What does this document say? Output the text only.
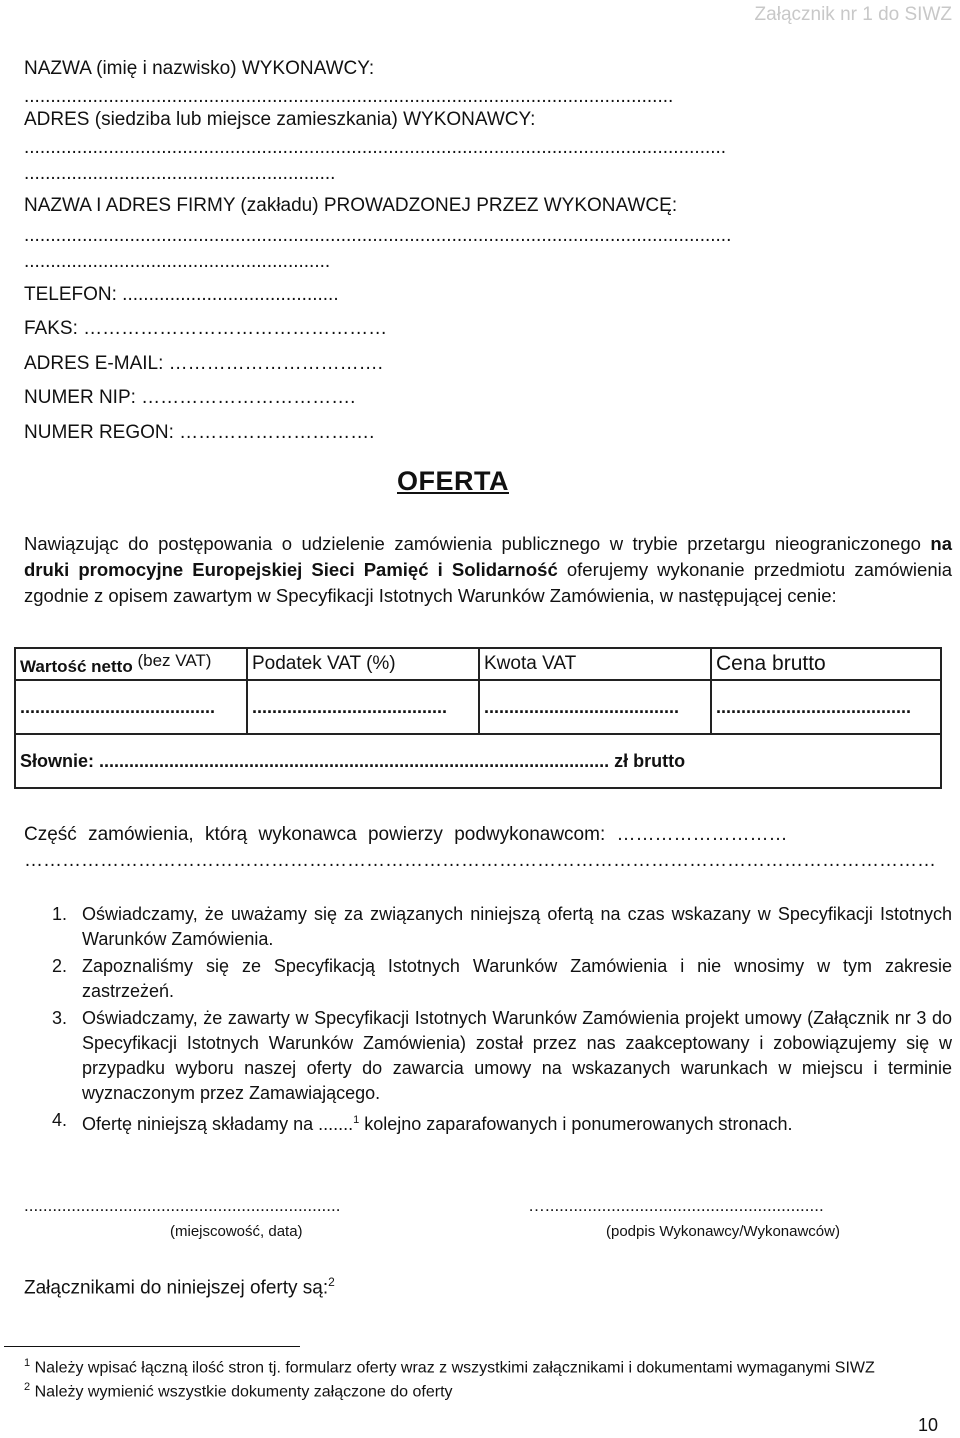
Załącznik nr 1 do SIWZ
NAZWA (imię i nazwisko) WYKONAWCY:
...........................................................................................................................
ADRES (siedziba lub miejsce zamieszkania) WYKONAWCY:
.....................................................................................................................................
...........................................................
NAZWA I ADRES FIRMY (zakładu) PROWADZONEJ PRZEZ WYKONAWCĘ:
......................................................................................................................................
..........................................................
TELEFON: .........................................
FAKS: …………………………………………
ADRES E-MAIL: …………………………….
NUMER NIP: …………………………….
NUMER REGON: ………………………….
OFERTA
Nawiązując do postępowania o udzielenie zamówienia publicznego w trybie przetargu nieograniczonego na druki promocyjne Europejskiej Sieci Pamięć i Solidarność oferujemy wykonanie przedmiotu zamówienia zgodnie z opisem zawartym w Specyfikacji Istotnych Warunków Zamówienia, w następującej cenie:
Wartość netto (bez VAT)	Podatek VAT (%)	Kwota VAT	Cena brutto
.......................................	.......................................	.......................................	.......................................
Słownie: ...................................................................................................... zł brutto			
Część zamówienia, którą wykonawca powierzy podwykonawcom: ………………………
………………………………………………………………………………………………………………………………
1. Oświadczamy, że uważamy się za związanych niniejszą ofertą na czas wskazany w Specyfikacji Istotnych Warunków Zamówienia.
2. Zapoznaliśmy się ze Specyfikacją Istotnych Warunków Zamówienia i nie wnosimy w tym zakresie zastrzeżeń.
3. Oświadczamy, że zawarty w Specyfikacji Istotnych Warunków Zamówienia projekt umowy (Załącznik nr 3 do Specyfikacji Istotnych Warunków Zamówienia) został przez nas zaakceptowany i zobowiązujemy się w przypadku wyboru naszej oferty do zawarcia umowy na wskazanych warunkach w miejscu i terminie wyznaczonym przez Zamawiającego.
4. Ofertę niniejszą składamy na .......$^1$ kolejno zaparafowanych i ponumerowanych stronach.
...................................................................
(miejscowość, data)
…...........................................................
(podpis Wykonawcy/Wykonawców)
Załącznikami do niniejszej oferty są:$^2$
$^1$ Należy wpisać łączną ilość stron tj. formularz oferty wraz z wszystkimi załącznikami i dokumentami wymaganymi SIWZ
$^2$ Należy wymienić wszystkie dokumenty załączone do oferty
10
